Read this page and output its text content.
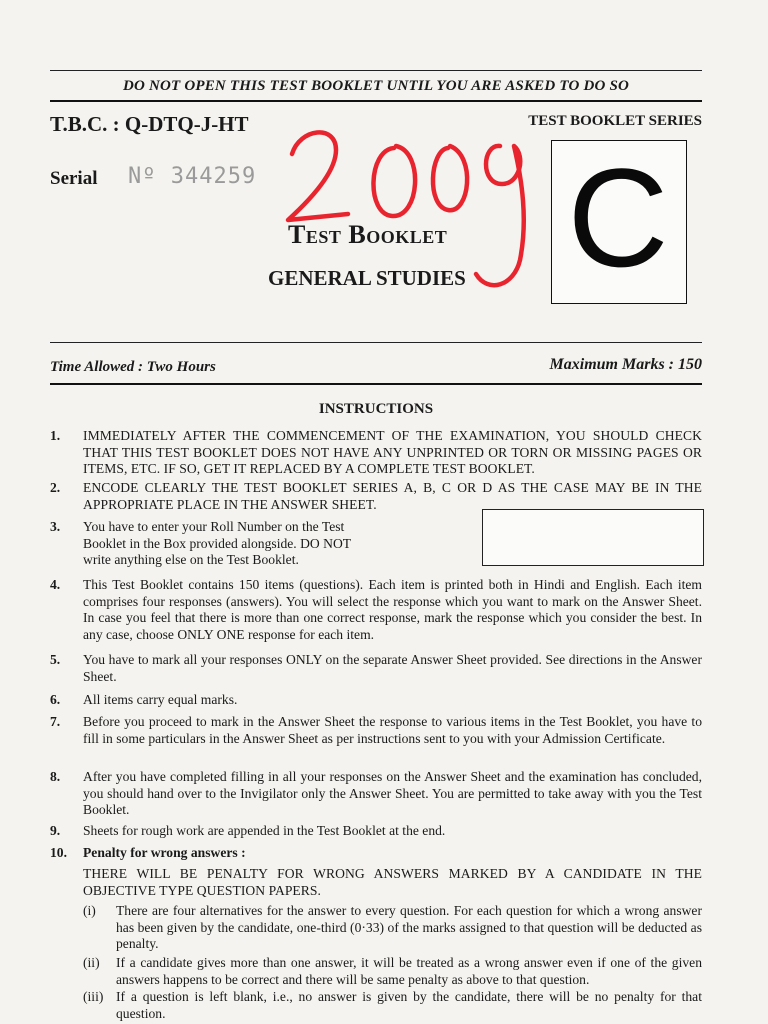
DO NOT OPEN THIS TEST BOOKLET UNTIL YOU ARE ASKED TO DO SO
T.B.C. : Q-DTQ-J-HT	TEST BOOKLET SERIES
Serial Nº 344259 C
Test Booklet
GENERAL STUDIES
Time Allowed : Two Hours	Maximum Marks : 150
INSTRUCTIONS
1. IMMEDIATELY AFTER THE COMMENCEMENT OF THE EXAMINATION, YOU SHOULD CHECK THAT THIS TEST BOOKLET DOES NOT HAVE ANY UNPRINTED OR TORN OR MISSING PAGES OR ITEMS, ETC. IF SO, GET IT REPLACED BY A COMPLETE TEST BOOKLET.
2. ENCODE CLEARLY THE TEST BOOKLET SERIES A, B, C OR D AS THE CASE MAY BE IN THE APPROPRIATE PLACE IN THE ANSWER SHEET.
3. You have to enter your Roll Number on the Test Booklet in the Box provided alongside. DO NOT write anything else on the Test Booklet.
4. This Test Booklet contains 150 items (questions). Each item is printed both in Hindi and English. Each item comprises four responses (answers). You will select the response which you want to mark on the Answer Sheet. In case you feel that there is more than one correct response, mark the response which you consider the best. In any case, choose ONLY ONE response for each item.
5. You have to mark all your responses ONLY on the separate Answer Sheet provided. See directions in the Answer Sheet.
6. All items carry equal marks.
7. Before you proceed to mark in the Answer Sheet the response to various items in the Test Booklet, you have to fill in some particulars in the Answer Sheet as per instructions sent to you with your Admission Certificate.
8. After you have completed filling in all your responses on the Answer Sheet and the examination has concluded, you should hand over to the Invigilator only the Answer Sheet. You are permitted to take away with you the Test Booklet.
9. Sheets for rough work are appended in the Test Booklet at the end.
10. Penalty for wrong answers :
THERE WILL BE PENALTY FOR WRONG ANSWERS MARKED BY A CANDIDATE IN THE OBJECTIVE TYPE QUESTION PAPERS.
(i) There are four alternatives for the answer to every question. For each question for which a wrong answer has been given by the candidate, one-third (0·33) of the marks assigned to that question will be deducted as penalty.
(ii) If a candidate gives more than one answer, it will be treated as a wrong answer even if one of the given answers happens to be correct and there will be same penalty as above to that question.
(iii) If a question is left blank, i.e., no answer is given by the candidate, there will be no penalty for that question.
